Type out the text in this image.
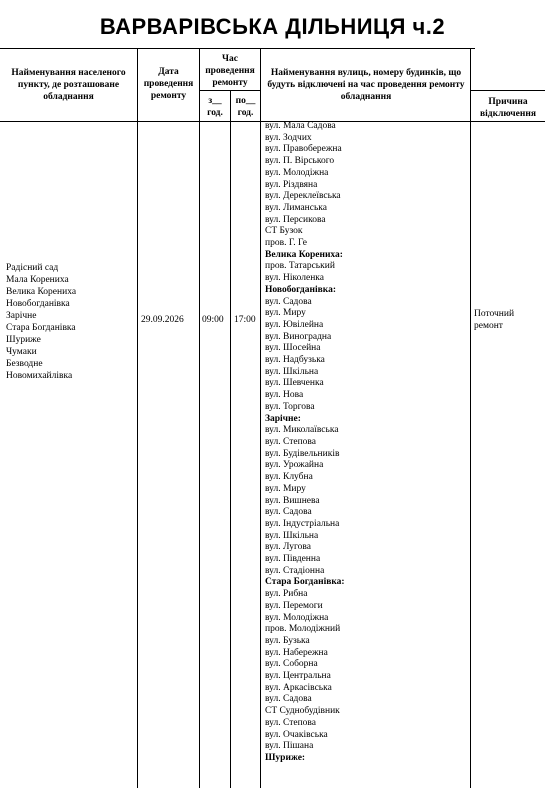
ВАРВАРІВСЬКА ДІЛЬНИЦЯ ч.2
Найменування населеного пункту, де розташоване обладнання
Дата проведення ремонту
Час проведення ремонту
з__ год.
по__ год.
Найменування вулиць, номеру будинків, що будуть відключені на час проведення ремонту обладнання	Причина відключення
Радісний сад
Мала Корениха
Велика Корениха
Новобогданівка
Зарічне
Стара Богданівка
Шуриже
Чумаки
Безводне
Новомихайлівка
29.09.2026 09:00 17:00
Поточний ремонт
вул. Мала Садова
вул. Зодчих
вул. Правобережна
вул. П. Вірського
вул. Молодіжна
вул. Різдвяна
вул. Дереклеївська
вул. Лиманська
вул. Персикова
СТ Бузок
пров. Г. Ге
Велика Корениха:
пров. Татарський
вул. Ніколенка
Новобогданівка:
вул. Садова
вул. Миру
вул. Ювілейна
вул. Виноградна
вул. Шосейна
вул. Надбузька
вул. Шкільна
вул. Шевченка
вул. Нова
вул. Торгова
Зарічне:
вул. Миколаївська
вул. Степова
вул. Будівельників
вул. Урожайна
вул. Клубна
вул. Миру
вул. Вишнева
вул. Садова
вул. Індустріальна
вул. Шкільна
вул. Лугова
вул. Південна
вул. Стадіонна
Стара Богданівка:
вул. Рибна
вул. Перемоги
вул. Молодіжна
пров. Молодіжний
вул. Бузька
вул. Набережна
вул. Соборна
вул. Центральна
вул. Аркасівська
вул. Садова
СТ Суднобудівник
вул. Степова
вул. Очаківська
вул. Пішана
Шуриже:
